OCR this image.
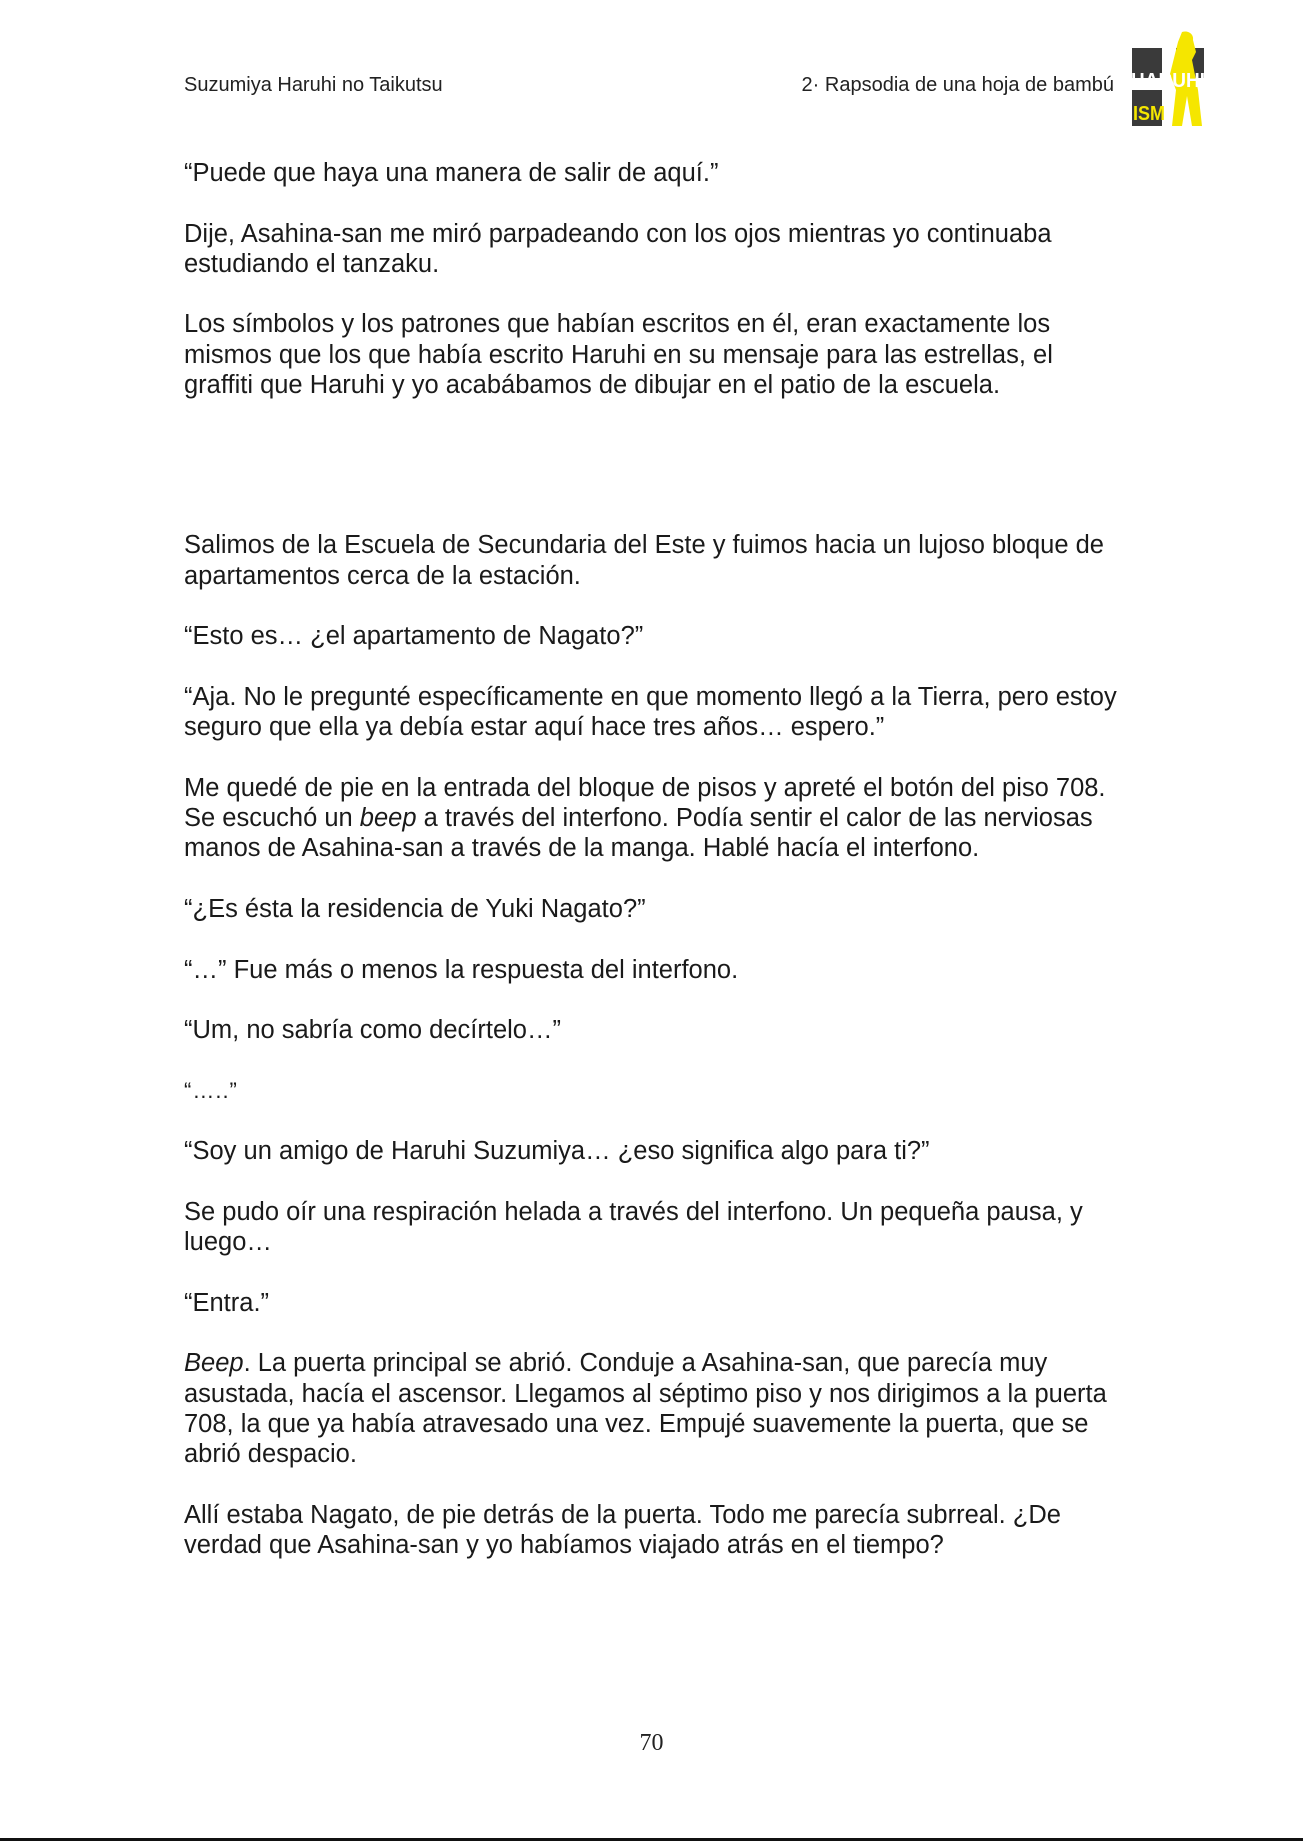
Suzumiya Haruhi no Taikutsu	2· Rapsodia de una hoja de bambú HARUHI
ISM

“Puede que haya una manera de salir de aquí.”

Dije, Asahina-san me miró parpadeando con los ojos mientras yo continuaba estudiando el tanzaku.

Los símbolos y los patrones que habían escritos en él, eran exactamente los mismos que los que había escrito Haruhi en su mensaje para las estrellas, el graffiti que Haruhi y yo acabábamos de dibujar en el patio de la escuela.

Salimos de la Escuela de Secundaria del Este y fuimos hacia un lujoso bloque de apartamentos cerca de la estación.

“Esto es… ¿el apartamento de Nagato?”

“Aja. No le pregunté específicamente en que momento llegó a la Tierra, pero estoy seguro que ella ya debía estar aquí hace tres años… espero.”

Me quedé de pie en la entrada del bloque de pisos y apreté el botón del piso 708. Se escuchó un beep a través del interfono. Podía sentir el calor de las nerviosas manos de Asahina-san a través de la manga. Hablé hacía el interfono.

“¿Es ésta la residencia de Yuki Nagato?”

“…” Fue más o menos la respuesta del interfono.

“Um, no sabría como decírtelo…”

“…..”

“Soy un amigo de Haruhi Suzumiya… ¿eso significa algo para ti?”

Se pudo oír una respiración helada a través del interfono. Un pequeña pausa, y luego…

“Entra.”

Beep. La puerta principal se abrió. Conduje a Asahina-san, que parecía muy asustada, hacía el ascensor. Llegamos al séptimo piso y nos dirigimos a la puerta 708, la que ya había atravesado una vez. Empujé suavemente la puerta, que se abrió despacio.

Allí estaba Nagato, de pie detrás de la puerta. Todo me parecía subrreal. ¿De verdad que Asahina-san y yo habíamos viajado atrás en el tiempo?

70
